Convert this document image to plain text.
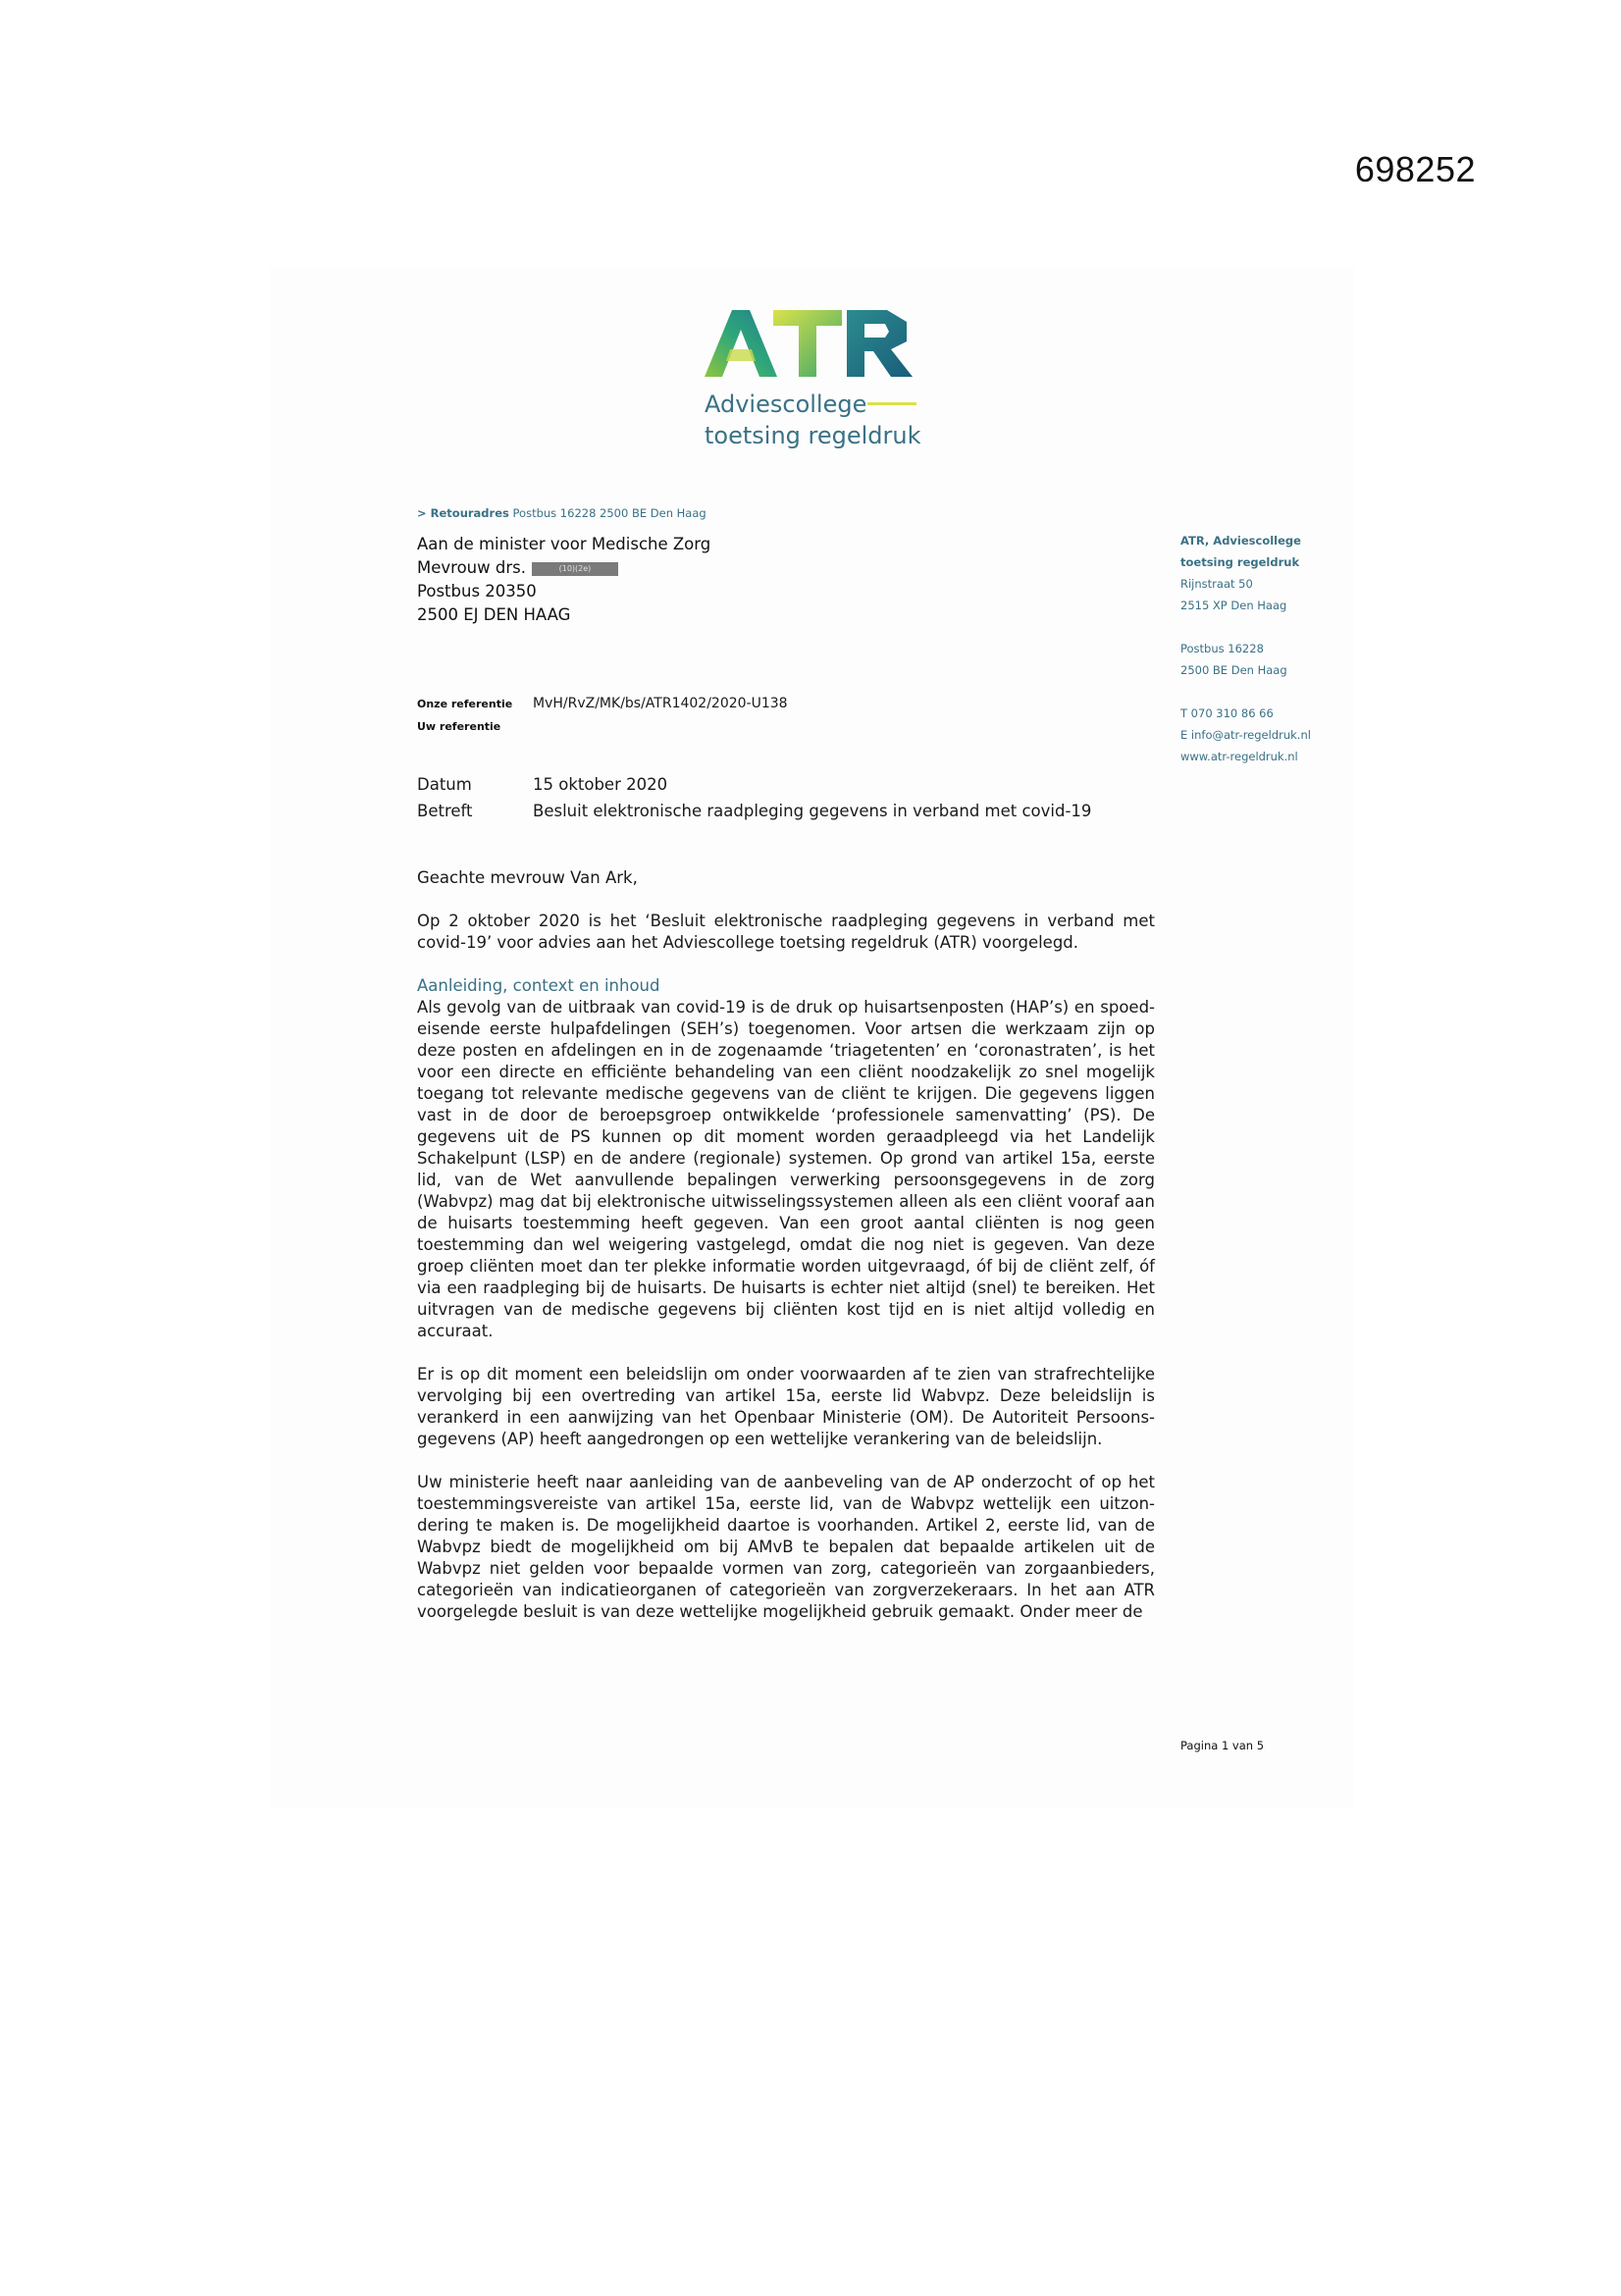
698252
Adviescollege
toetsing regeldruk
> Retouradres Postbus 16228 2500 BE Den Haag
Aan de minister voor Medische Zorg
Mevrouw drs.	(10)(2e)
Postbus 20350
2500 EJ DEN HAAG
ATR, Adviescollege
toetsing regeldruk
Rijnstraat 50
2515 XP Den Haag
Postbus 16228
2500 BE Den Haag
T 070 310 86 66
E info@atr-regeldruk.nl
www.atr-regeldruk.nl
Onze referentie MvH/RvZ/MK/bs/ATR1402/2020-U138
Uw referentie
Datum	15 oktober 2020
Betreft	Besluit elektronische raadpleging gegevens in verband met covid-19

Geachte mevrouw Van Ark,

Op 2 oktober 2020 is het ‘Besluit elektronische raadpleging gegevens in verband met covid-19’ voor advies aan het Adviescollege toetsing regeldruk (ATR) voorgelegd.

Aanleiding, context en inhoud

Als gevolg van de uitbraak van covid-19 is de druk op huisartsenposten (HAP’s) en spoed-eisende eerste hulpafdelingen (SEH’s) toegenomen. Voor artsen die werkzaam zijn op deze posten en afdelingen en in de zogenaamde ‘triagetenten’ en ‘coronastraten’, is het voor een directe en efficiënte behandeling van een cliënt noodzakelijk zo snel mogelijk toegang tot relevante medische gegevens van de cliënt te krijgen. Die gegevens liggen vast in de door de beroepsgroep ontwikkelde ‘professionele samenvatting’ (PS). De gegevens uit de PS kunnen op dit moment worden geraadpleegd via het Landelijk Schakelpunt (LSP) en de andere (regionale) systemen. Op grond van artikel 15a, eerste lid, van de Wet aanvullende bepalingen verwerking persoonsgegevens in de zorg (Wabvpz) mag dat bij elektronische uitwisselingssystemen alleen als een cliënt vooraf aan de huisarts toestemming heeft gegeven. Van een groot aantal cliënten is nog geen toestemming dan wel weigering vastgelegd, omdat die nog niet is gegeven. Van deze groep cliënten moet dan ter plekke informatie worden uitgevraagd, óf bij de cliënt zelf, óf via een raadpleging bij de huisarts. De huisarts is echter niet altijd (snel) te bereiken. Het uitvragen van de medische gegevens bij cliënten kost tijd en is niet altijd volledig en accuraat.

Er is op dit moment een beleidslijn om onder voorwaarden af te zien van strafrechtelijke vervolging bij een overtreding van artikel 15a, eerste lid Wabvpz. Deze beleidslijn is verankerd in een aanwijzing van het Openbaar Ministerie (OM). De Autoriteit Persoons-gegevens (AP) heeft aangedrongen op een wettelijke verankering van de beleidslijn.

Uw ministerie heeft naar aanleiding van de aanbeveling van de AP onderzocht of op het toestemmingsvereiste van artikel 15a, eerste lid, van de Wabvpz wettelijk een uitzon-dering te maken is. De mogelijkheid daartoe is voorhanden. Artikel 2, eerste lid, van de Wabvpz biedt de mogelijkheid om bij AMvB te bepalen dat bepaalde artikelen uit de Wabvpz niet gelden voor bepaalde vormen van zorg, categorieën van zorgaanbieders, categorieën van indicatieorganen of categorieën van zorgverzekeraars. In het aan ATR voorgelegde besluit is van deze wettelijke mogelijkheid gebruik gemaakt. Onder meer de

Pagina 1 van 5
